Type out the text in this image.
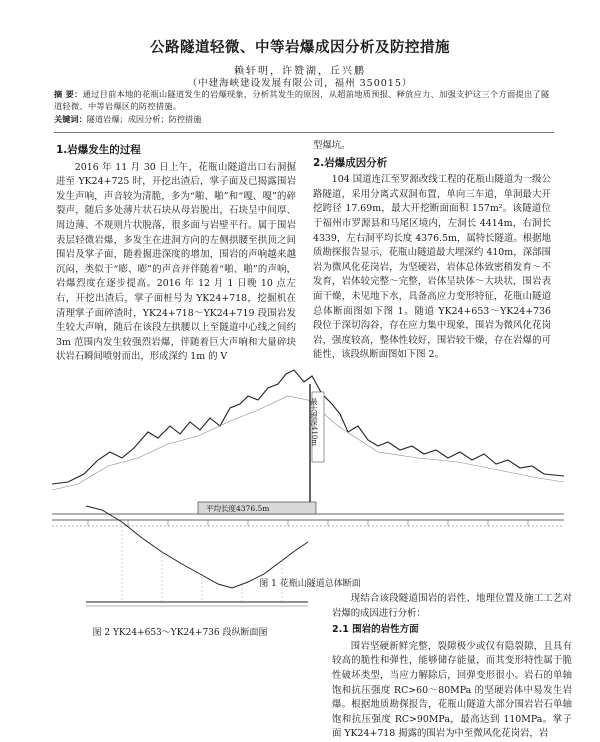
公路隧道轻微、中等岩爆成因分析及防控措施
赖轩明，许赞湖，丘兴鹏
（中建海峡建设发展有限公司，福州 350015）
摘 要：通过目前本地的花瓶山隧道发生的岩爆现象，分析其发生的原因，从超前地质预报、释放应力、加强支护这三个方面提出了隧道轻微、中等岩爆区的防控措施。
关键词：隧道岩爆；成因分析；防控措施
1.岩爆发生的过程

2016 年 11 月 30 日上午，花瓶山隧道出口右洞掘进至 YK24+725 时，开挖出渣后，掌子面及已揭露围岩发生声响，声音较为清脆，多为“啪、啪”和“嘎、嘎”的碎裂声，随后多处薄片状石块从母岩脱出，石块呈中间厚、周边薄、不规则片状脱落，很多面与岩壁平行。属于围岩表层轻微岩爆，多发生在进洞方向的左侧拱腰至拱顶之间围岩及掌子面，随着掘进深度的增加，围岩的声响越来越沉闷，类似于“嘭、嘭”的声音并伴随着“啪、啪”的声响，岩爆烈度在逐步提高。2016 年 12 月 1 日晚 10 点左右，开挖出渣后，掌子面桩号为 YK24+718，挖掘机在清理掌子面碎渣时，YK24+718～YK24+719 段围岩发生较大声响，随后在该段左拱腰以上至隧道中心线之间约 3m 范围内发生较强烈岩爆，伴随着巨大声响和大量碎块状岩石瞬间喷射而出，形成深约 1m 的 V

型爆坑。

2.岩爆成因分析

104 国道连江至罗源改线工程的花瓶山隧道为一级公路隧道，采用分离式双洞布置，单向三车道，单洞最大开挖跨径 17.69m，最大开挖断面面积 157m²。该隧道位于福州市罗源县和马尾区境内，左洞长 4414m，右洞长 4339，左右洞平均长度 4376.5m，属特长隧道。根据地质勘探报告显示，花瓶山隧道最大埋深约 410m，深部围岩为微风化花岗岩，为坚硬岩，岩体总体致密稍发育～不发育，岩体较完整～完整，岩体呈块体～大块状，围岩表面干燥，未见地下水，具备高应力变形特征，花瓶山隧道总体断面图如下图 1。随道 YK24+653～YK24+736 段位于深切沟谷，存在应力集中现象，围岩为微风化花岗岩，强度较高，整体性较好，围岩较干燥，存在岩爆的可能性，该段纵断面图如下图 2。

平均长度4376.5m
最大埋深410m
图 1 花瓶山隧道总体断面

现结合该段隧道围岩的岩性、地理位置及施工工艺对岩爆的成因进行分析：

2.1 围岩的岩性方面

围岩坚硬新鲜完整，裂隙极少或仅有隐裂隙，且具有较高的脆性和弹性，能够储存能量，而其变形特性属于脆性破坏类型，当应力解除后，回弹变形很小。岩石的单轴饱和抗压强度 RC>60～80MPa 的坚硬岩体中易发生岩爆。根据地质勘探报告，花瓶山隧道大部分围岩岩石单轴饱和抗压强度 RC>90MPa，最高达到 110MPa。掌子面 YK24+718 揭露的围岩为中至微风化花岗岩，岩

图 2 YK24+653～YK24+736 段纵断面图
